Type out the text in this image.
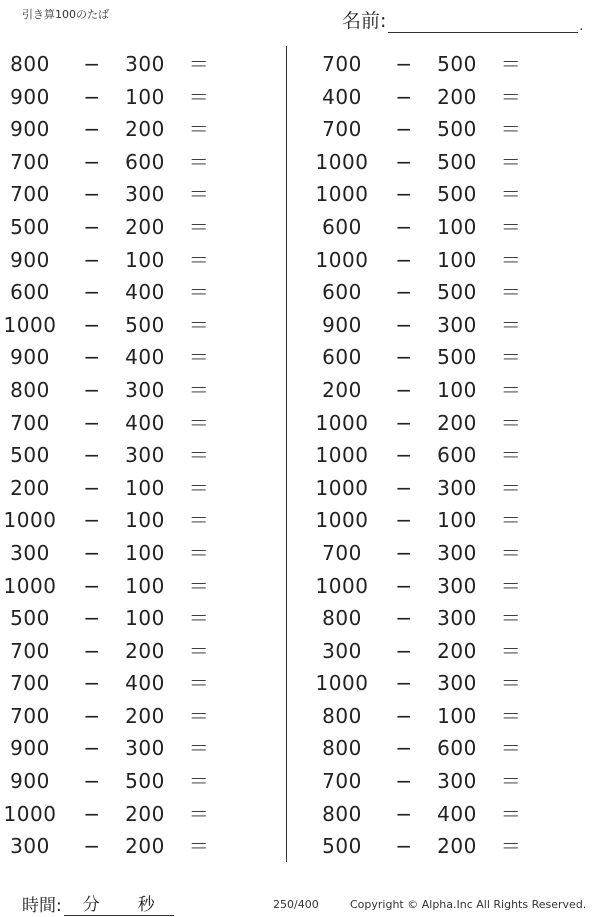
引き算100のたば	名前:	.
800	−	300	＝
900	−	100	＝
900	−	200	＝
700	−	600	＝
700	−	300	＝
500	−	200	＝
900	−	100	＝
600	−	400	＝
1000 −	500	＝
900	−	400	＝
800	−	300	＝
700	−	400	＝
500	−	300	＝
200	−	100	＝
1000 −	100	＝
300	−	100	＝
1000 −	100	＝
500	−	100	＝
700	−	200	＝
700	−	400	＝
700	−	200	＝
900	−	300	＝
900	−	500	＝
1000 −	200	＝
300	−	200	＝
700	−	500	＝
400	−	200	＝
700	−	500	＝
1000 −	500	＝
1000 −	500	＝
600	−	100	＝
1000 −	100	＝
600	−	500	＝
900	−	300	＝
600	−	500	＝
200	−	100	＝
1000 −	200	＝
1000 −	600	＝
1000 −	300	＝
1000 −	100	＝
700	−	300	＝
1000 −	300	＝
800	−	300	＝
300	−	200	＝
1000 −	300	＝
800	−	100	＝
800	−	600	＝
700	−	300	＝
800	−	400	＝
500	−	200	＝
時間: 分 秒	250/400	Copyright © Alpha.Inc All Rights Reserved.
